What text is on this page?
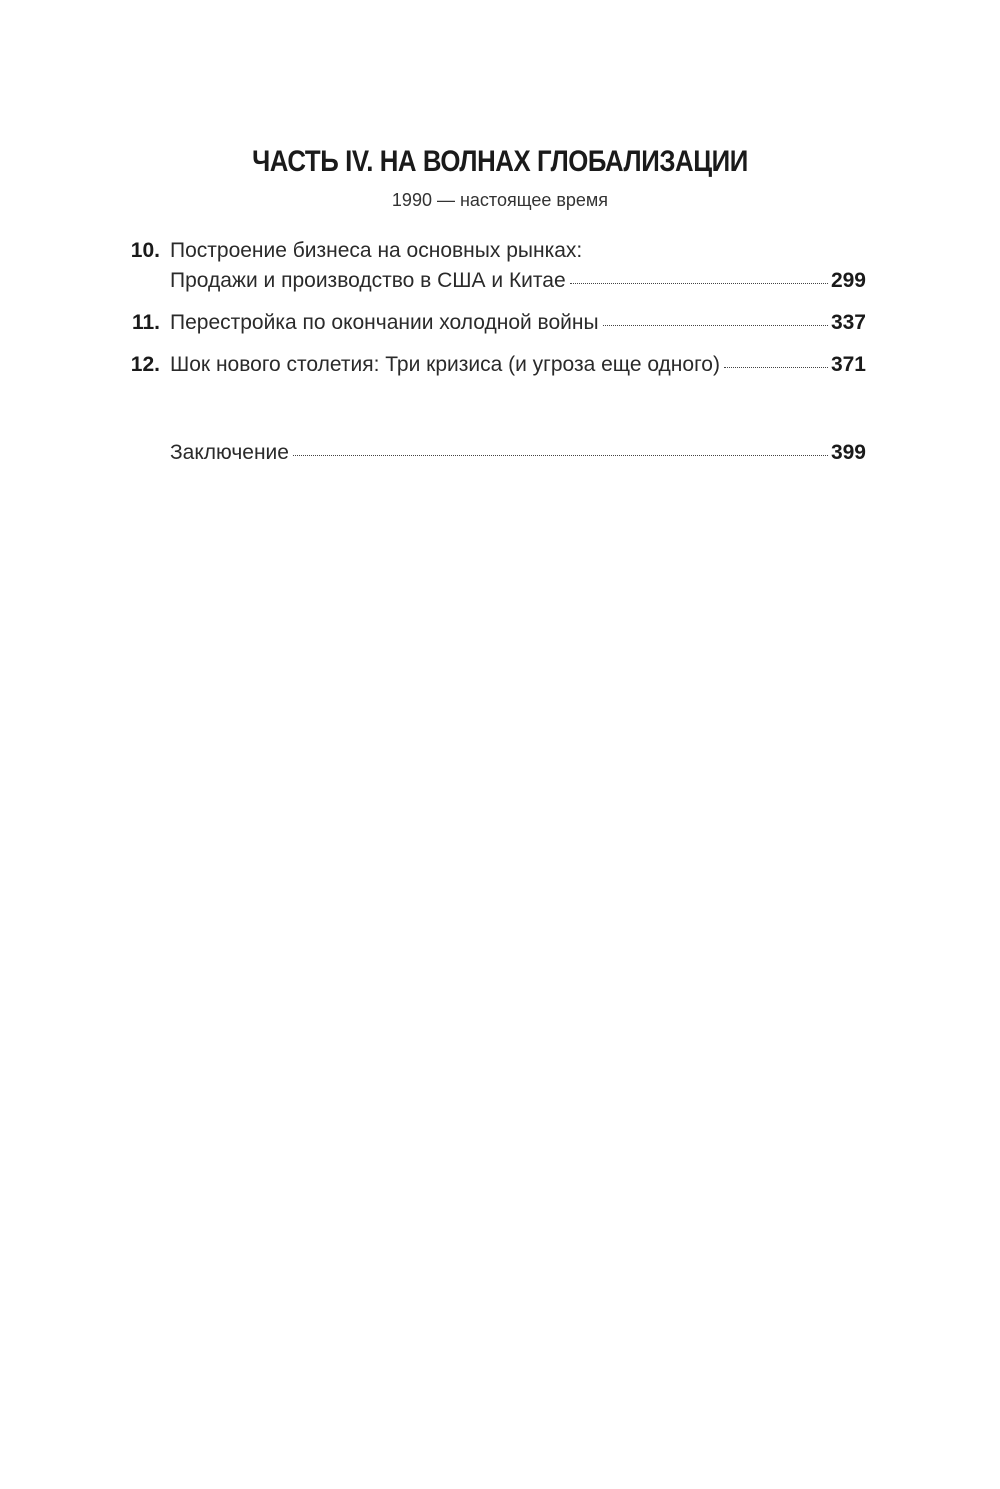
ЧАСТЬ IV. НА ВОЛНАХ ГЛОБАЛИЗАЦИИ
1990 — настоящее время
10. Построение бизнеса на основных рынках:
Продажи и производство в США и Китае	299
11. Перестройка по окончании холодной войны	337
12. Шок нового столетия: Три кризиса (и угроза еще одного)	371
Заключение	399
